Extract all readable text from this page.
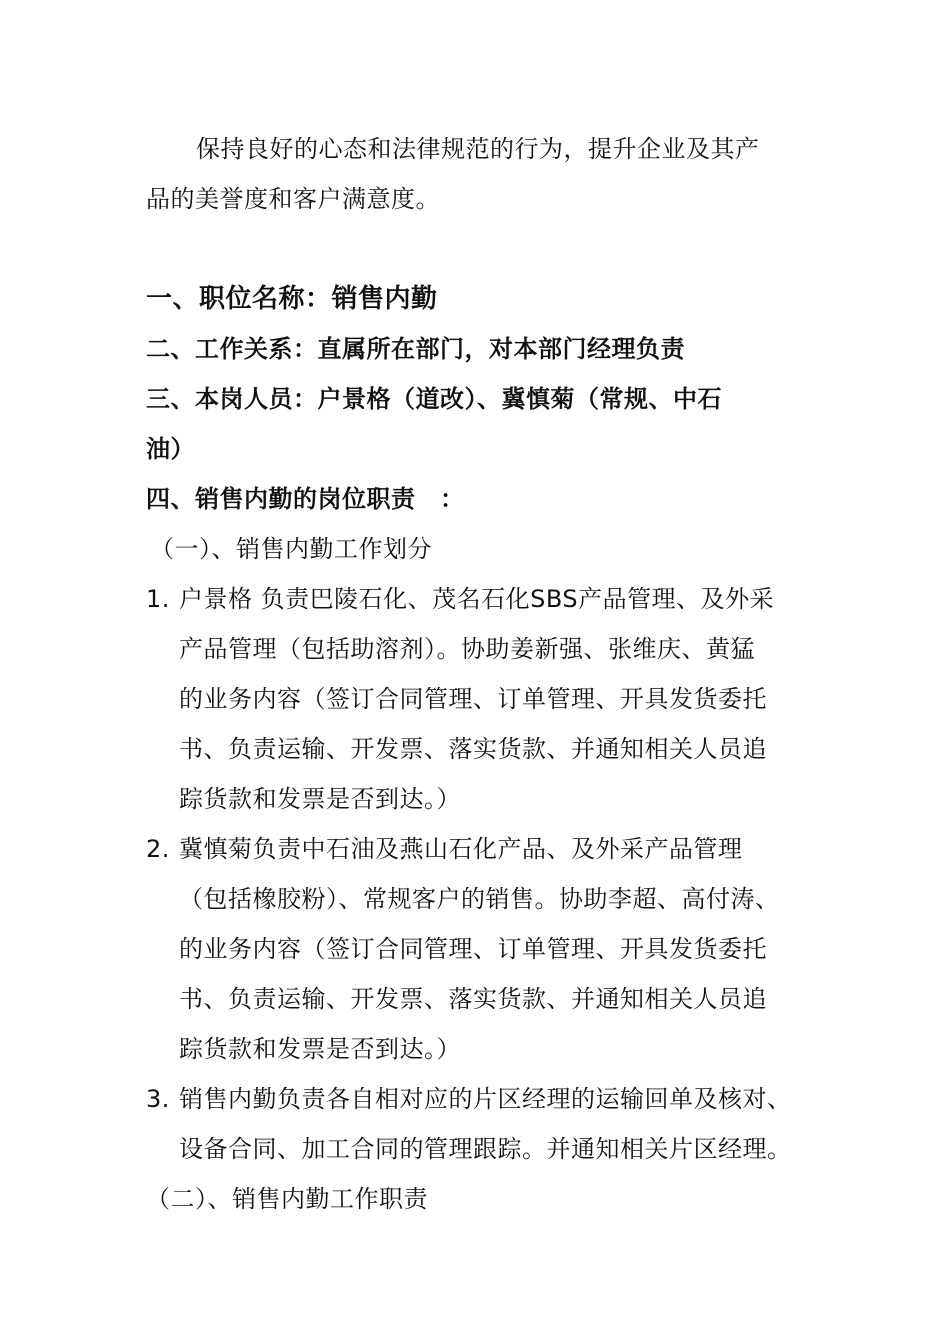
保持良好的心态和法律规范的行为，提升企业及其产
品的美誉度和客户满意度。
一、职位名称：销售内勤
二、工作关系：直属所在部门，对本部门经理负责
三、本岗人员：户景格（道改）、冀慎菊（常规、中石
油）
四、销售内勤的岗位职责　：
（一）、销售内勤工作划分
1. 户景格 负责巴陵石化、茂名石化SBS产品管理、及外采
产品管理（包括助溶剂）。协助姜新强、张维庆、黄猛
的业务内容（签订合同管理、订单管理、开具发货委托
书、负责运输、开发票、落实货款、并通知相关人员追
踪货款和发票是否到达。）
2. 冀慎菊负责中石油及燕山石化产品、及外采产品管理
（包括橡胶粉）、常规客户的销售。协助李超、高付涛、
的业务内容（签订合同管理、订单管理、开具发货委托
书、负责运输、开发票、落实货款、并通知相关人员追
踪货款和发票是否到达。）
3. 销售内勤负责各自相对应的片区经理的运输回单及核对、
设备合同、加工合同的管理跟踪。并通知相关片区经理。
（二）、销售内勤工作职责
